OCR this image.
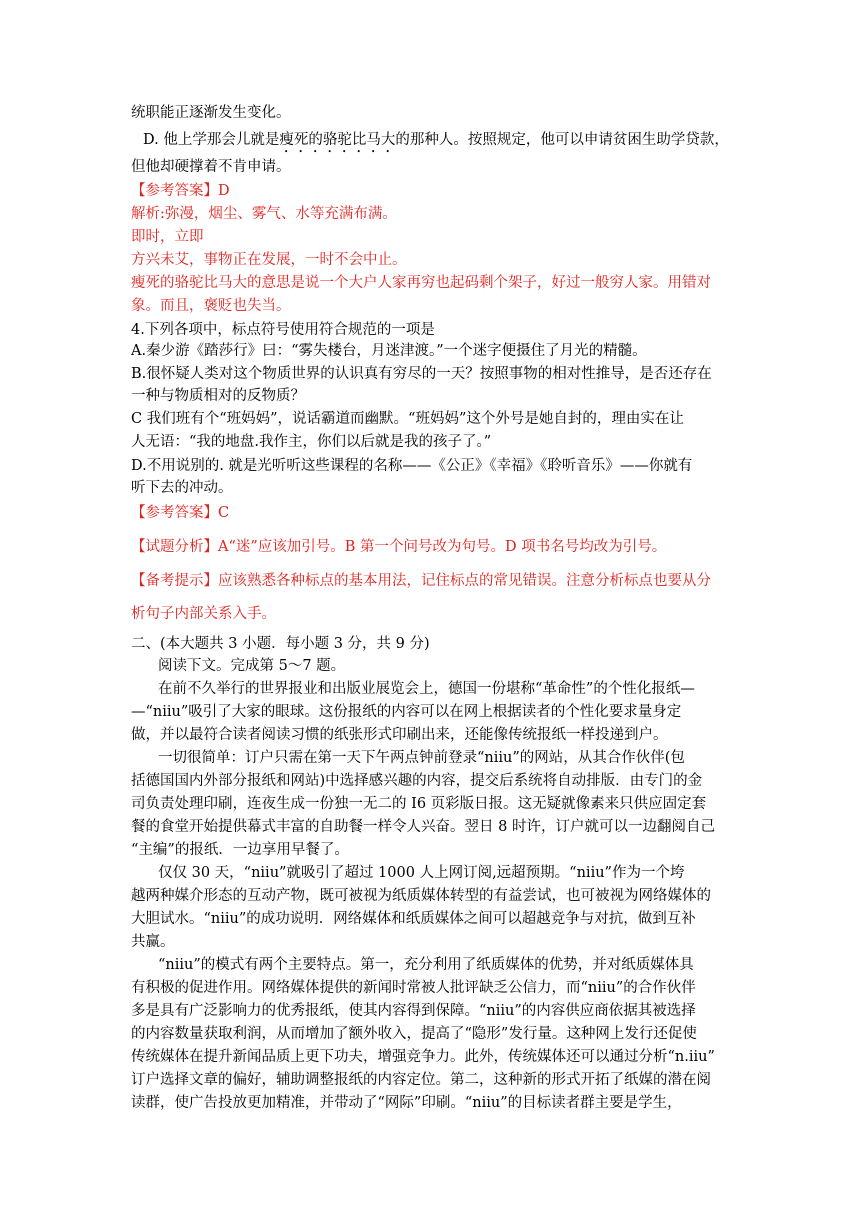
统职能正逐渐发生变化。
D. 他上学那会儿就是瘦死的骆驼比马大的那种人。按照规定，他可以申请贫困生助学贷款，
但他却硬撑着不肯申请。
【参考答案】D
解析:弥漫，烟尘、雾气、水等充满布满。
即时，立即
方兴未艾，事物正在发展，一时不会中止。
瘦死的骆驼比马大的意思是说一个大户人家再穷也起码剩个架子，好过一般穷人家。用错对
象。而且，褒贬也失当。
4.下列各项中，标点符号使用符合规范的一项是
A.秦少游《踏莎行》曰：“雾失楼台，月迷津渡。”一个迷字便摄住了月光的精髓。
B.很怀疑人类对这个物质世界的认识真有穷尽的一天？按照事物的相对性推导，是否还存在
一种与物质相对的反物质？
C 我们班有个“班妈妈”，说话霸道而幽默。“班妈妈”这个外号是她自封的，理由实在让
人无语：“我的地盘.我作主，你们以后就是我的孩子了。”
D.不用说别的. 就是光听听这些课程的名称——《公正》《幸福》《聆听音乐》——你就有
听下去的冲动。
【参考答案】C
【试题分析】A“迷”应该加引号。B 第一个问号改为句号。D 项书名号均改为引号。
【备考提示】应该熟悉各种标点的基本用法，记住标点的常见错误。注意分析标点也要从分
析句子内部关系入手。
二、(本大题共 3 小题．每小题 3 分，共 9 分)
阅读下文。完成第 5～7 题。
在前不久举行的世界报业和出版业展览会上，德国一份堪称“革命性”的个性化报纸—
—“niiu”吸引了大家的眼球。这份报纸的内容可以在网上根据读者的个性化要求量身定
做，并以最符合读者阅读习惯的纸张形式印刷出来，还能像传统报纸一样投递到户。
一切很简单：订户只需在第一天下午两点钟前登录“niiu”的网站，从其合作伙伴(包
括德国国内外部分报纸和网站)中选择感兴趣的内容，提交后系统将自动排版．由专门的金
司负责处理印刷，连夜生成一份独一无二的 I6 页彩版日报。这无疑就像素来只供应固定套
餐的食堂开始提供幕式丰富的自助餐一样令人兴奋。翌日 8 时许，订户就可以一边翻阅自己
“主编”的报纸．一边享用早餐了。
仅仅 30 天，“niiu”就吸引了超过 1000 人上网订阅,远超预期。“niiu”作为一个垮
越两种媒介形态的互动产物，既可被视为纸质媒体转型的有益尝试，也可被视为网络媒体的
大胆试水。“niiu”的成功说明．网络媒体和纸质媒体之间可以超越竞争与对抗，做到互补
共赢。
“niiu”的模式有两个主要特点。第一，充分利用了纸质媒体的优势，并对纸质媒体具
有积极的促进作用。网络媒体提供的新闻时常被人批评缺乏公信力，而“niiu”的合作伙伴
多是具有广泛影响力的优秀报纸，使其内容得到保障。“niiu”的内容供应商依据其被选择
的内容数量获取利润，从而增加了额外收入，提高了“隐形”发行量。这种网上发行还促使
传统媒体在提升新闻品质上更下功夫，增强竞争力。此外，传统媒体还可以通过分析“n.iiu”
订户选择文章的偏好，辅助调整报纸的内容定位。第二，这种新的形式开拓了纸媒的潜在阅
读群，使广告投放更加精准，并带动了“网际”印刷。“niiu”的目标读者群主要是学生，
